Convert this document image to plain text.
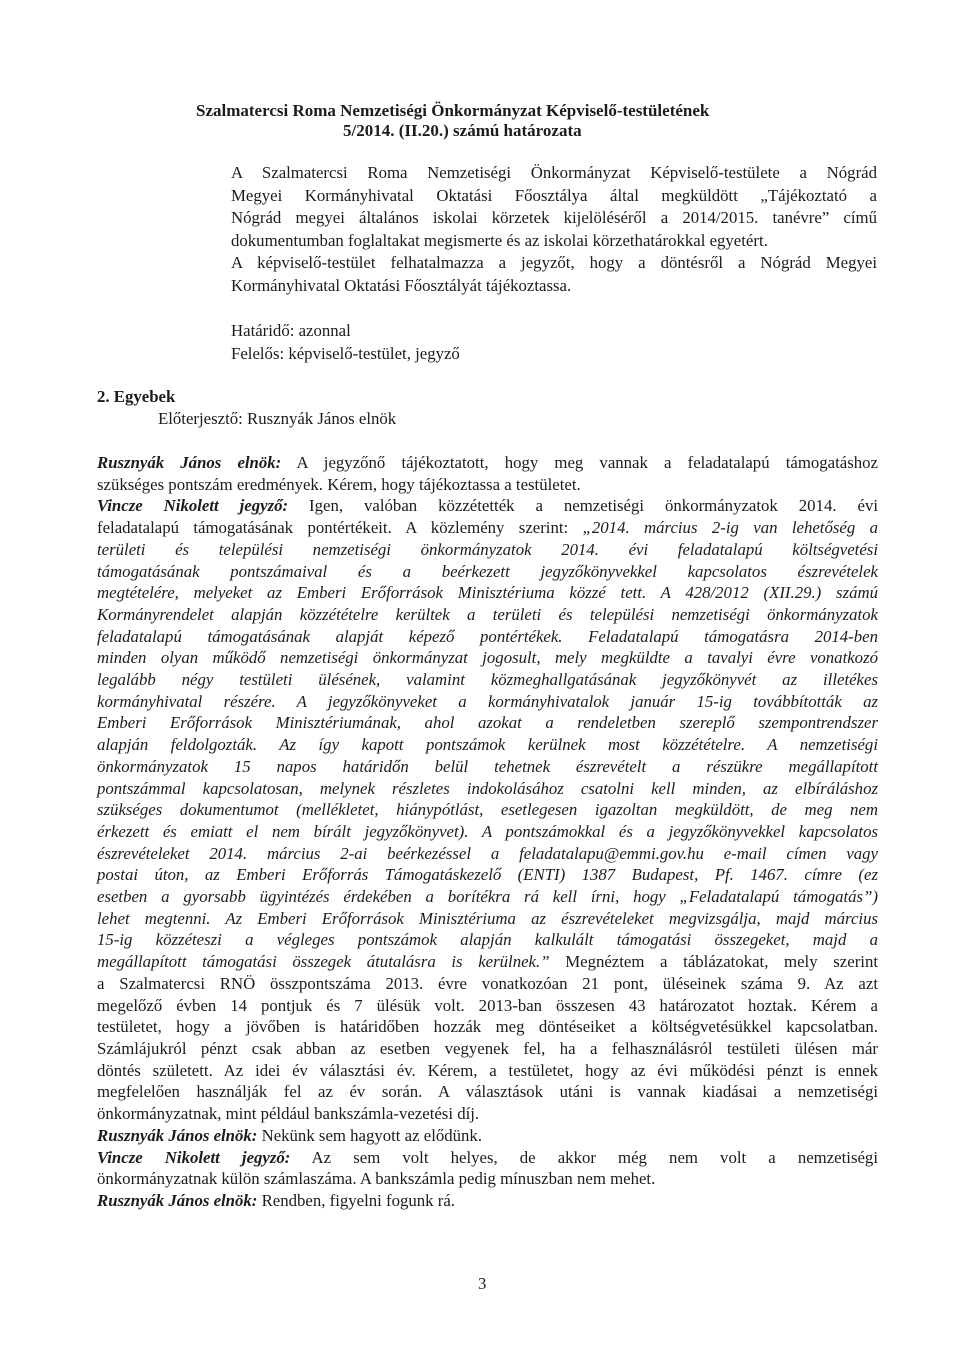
Szalmatercsi Roma Nemzetiségi Önkormányzat Képviselő-testületének
5/2014. (II.20.) számú határozata
A Szalmatercsi Roma Nemzetiségi Önkormányzat Képviselő-testülete a Nógrád
Megyei Kormányhivatal Oktatási Főosztálya által megküldött „Tájékoztató a
Nógrád megyei általános iskolai körzetek kijelöléséről a 2014/2015. tanévre” című
dokumentumban foglaltakat megismerte és az iskolai körzethatárokkal egyetért.
A képviselő-testület felhatalmazza a jegyzőt, hogy a döntésről a Nógrád Megyei
Kormányhivatal Oktatási Főosztályát tájékoztassa.
Határidő: azonnal
Felelős: képviselő-testület, jegyző
2. Egyebek
Előterjesztő: Rusznyák János elnök
Rusznyák János elnök: A jegyzőnő tájékoztatott, hogy meg vannak a feladatalapú támogatáshoz
szükséges pontszám eredmények. Kérem, hogy tájékoztassa a testületet.
Vincze Nikolett jegyző: Igen, valóban közzétették a nemzetiségi önkormányzatok 2014. évi
feladatalapú támogatásának pontértékeit. A közlemény szerint: „2014. március 2-ig van lehetőség a
területi és települési nemzetiségi önkormányzatok 2014. évi feladatalapú költségvetési
támogatásának pontszámaival és a beérkezett jegyzőkönyvekkel kapcsolatos észrevételek
megtételére, melyeket az Emberi Erőforrások Minisztériuma közzé tett. A 428/2012 (XII.29.) számú
Kormányrendelet alapján közzétételre kerültek a területi és települési nemzetiségi önkormányzatok
feladatalapú támogatásának alapját képező pontértékek. Feladatalapú támogatásra 2014-ben
minden olyan működő nemzetiségi önkormányzat jogosult, mely megküldte a tavalyi évre vonatkozó
legalább négy testületi ülésének, valamint közmeghallgatásának jegyzőkönyvét az illetékes
kormányhivatal részére. A jegyzőkönyveket a kormányhivatalok január 15-ig továbbították az
Emberi Erőforrások Minisztériumának, ahol azokat a rendeletben szereplő szempontrendszer
alapján feldolgozták. Az így kapott pontszámok kerülnek most közzétételre. A nemzetiségi
önkormányzatok 15 napos határidőn belül tehetnek észrevételt a részükre megállapított
pontszámmal kapcsolatosan, melynek részletes indokolásához csatolni kell minden, az elbíráláshoz
szükséges dokumentumot (mellékletet, hiánypótlást, esetlegesen igazoltan megküldött, de meg nem
érkezett és emiatt el nem bírált jegyzőkönyvet). A pontszámokkal és a jegyzőkönyvekkel kapcsolatos
észrevételeket 2014. március 2-ai beérkezéssel a feladatalapu@emmi.gov.hu e-mail címen vagy
postai úton, az Emberi Erőforrás Támogatáskezelő (ENTI) 1387 Budapest, Pf. 1467. címre (ez
esetben a gyorsabb ügyintézés érdekében a borítékra rá kell írni, hogy „Feladatalapú támogatás”)
lehet megtenni. Az Emberi Erőforrások Minisztériuma az észrevételeket megvizsgálja, majd március
15-ig közzéteszi a végleges pontszámok alapján kalkulált támogatási összegeket, majd a
megállapított támogatási összegek átutalásra is kerülnek.” Megnéztem a táblázatokat, mely szerint
a Szalmatercsi RNÖ összpontszáma 2013. évre vonatkozóan 21 pont, üléseinek száma 9. Az azt
megelőző évben 14 pontjuk és 7 ülésük volt. 2013-ban összesen 43 határozatot hoztak. Kérem a
testületet, hogy a jövőben is határidőben hozzák meg döntéseiket a költségvetésükkel kapcsolatban.
Számlájukról pénzt csak abban az esetben vegyenek fel, ha a felhasználásról testületi ülésen már
döntés született. Az idei év választási év. Kérem, a testületet, hogy az évi működési pénzt is ennek
megfelelően használják fel az év során. A választások utáni is vannak kiadásai a nemzetiségi
önkormányzatnak, mint például bankszámla-vezetési díj.
Rusznyák János elnök: Nekünk sem hagyott az elődünk.
Vincze Nikolett jegyző: Az sem volt helyes, de akkor még nem volt a nemzetiségi
önkormányzatnak külön számlaszáma. A bankszámla pedig mínuszban nem mehet.
Rusznyák János elnök: Rendben, figyelni fogunk rá.
3
